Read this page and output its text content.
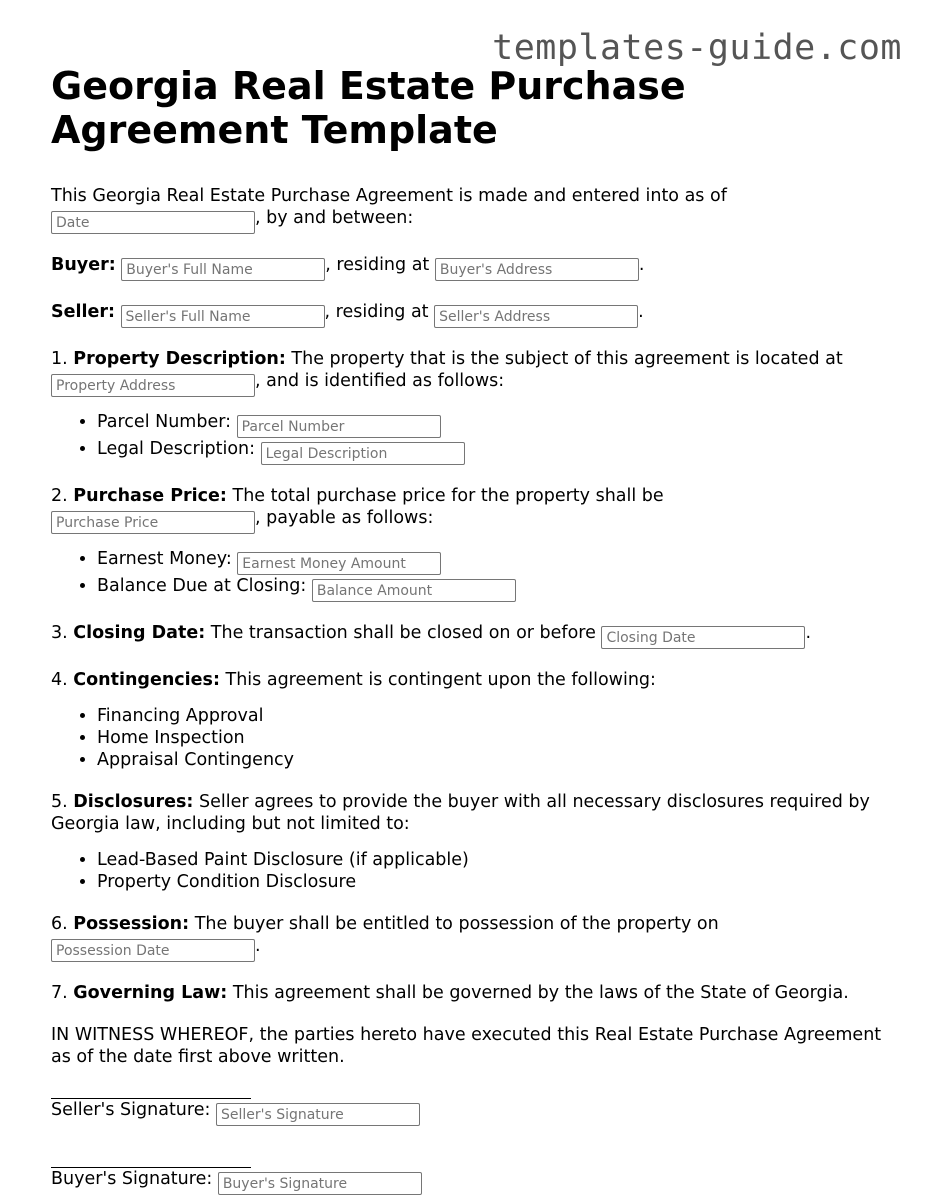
templates-guide.com
Georgia Real Estate Purchase Agreement Template

This Georgia Real Estate Purchase Agreement is made and entered into as of
Date, by and between:

Buyer: Buyer's Full Name	, residing at Buyer's Address	.

Seller: Seller's Full Name	, residing at Seller's Address	.

1. Property Description: The property that is the subject of this agreement is located at
Property Address, and is identified as follows:

• Parcel Number: Parcel Number
• Legal Description: Legal Description

2. Purchase Price: The total purchase price for the property shall be
Purchase Price, payable as follows:

• Earnest Money: Earnest Money Amount
• Balance Due at Closing: Balance Amount

3. Closing Date: The transaction shall be closed on or before Closing Date	.

4. Contingencies: This agreement is contingent upon the following:

• Financing Approval
• Home Inspection
• Appraisal Contingency

5. Disclosures: Seller agrees to provide the buyer with all necessary disclosures required by Georgia law, including but not limited to:

• Lead-Based Paint Disclosure (if applicable)
• Property Condition Disclosure

6. Possession: The buyer shall be entitled to possession of the property on
Possession Date.

7. Governing Law: This agreement shall be governed by the laws of the State of Georgia.

IN WITNESS WHEREOF, the parties hereto have executed this Real Estate Purchase Agreement as of the date first above written.

Seller's Signature: Seller's Signature

Buyer's Signature: Buyer's Signature
